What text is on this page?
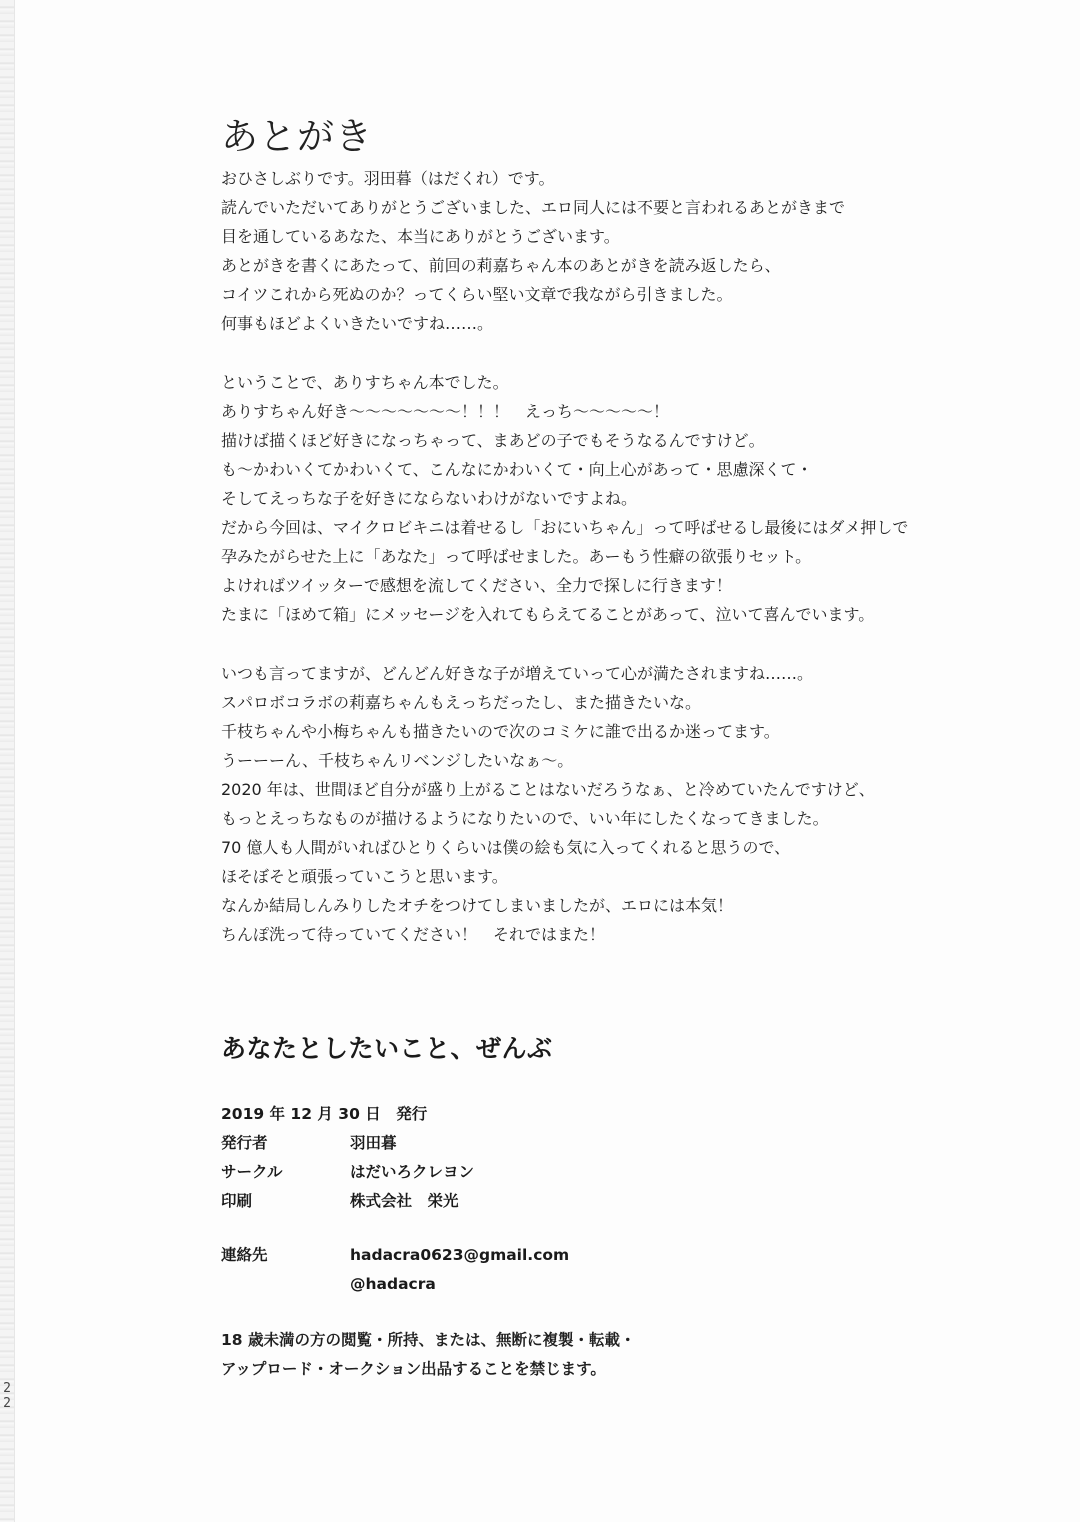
あとがき
おひさしぶりです。羽田暮（はだくれ）です。
読んでいただいてありがとうございました、エロ同人には不要と言われるあとがきまで
目を通しているあなた、本当にありがとうございます。
あとがきを書くにあたって、前回の莉嘉ちゃん本のあとがきを読み返したら、
コイツこれから死ぬのか？ってくらい堅い文章で我ながら引きました。
何事もほどよくいきたいですね……。
ということで、ありすちゃん本でした。
ありすちゃん好き〜〜〜〜〜〜〜！！！　えっち〜〜〜〜〜！
描けば描くほど好きになっちゃって、まあどの子でもそうなるんですけど。
も〜かわいくてかわいくて、こんなにかわいくて・向上心があって・思慮深くて・
そしてえっちな子を好きにならないわけがないですよね。
だから今回は、マイクロビキニは着せるし「おにいちゃん」って呼ばせるし最後にはダメ押しで
孕みたがらせた上に「あなた」って呼ばせました。あーもう性癖の欲張りセット。
よければツイッターで感想を流してください、全力で探しに行きます！
たまに「ほめて箱」にメッセージを入れてもらえてることがあって、泣いて喜んでいます。
いつも言ってますが、どんどん好きな子が増えていって心が満たされますね……。
スパロボコラボの莉嘉ちゃんもえっちだったし、また描きたいな。
千枝ちゃんや小梅ちゃんも描きたいので次のコミケに誰で出るか迷ってます。
うーーーん、千枝ちゃんリベンジしたいなぁ〜。
2020 年は、世間ほど自分が盛り上がることはないだろうなぁ、と冷めていたんですけど、
もっとえっちなものが描けるようになりたいので、いい年にしたくなってきました。
70 億人も人間がいればひとりくらいは僕の絵も気に入ってくれると思うので、
ほそぼそと頑張っていこうと思います。
なんか結局しんみりしたオチをつけてしまいましたが、エロには本気！
ちんぽ洗って待っていてください！　それではまた！
あなたとしたいこと、ぜんぶ
2019 年 12 月 30 日　発行
発行者	羽田暮
サークル	はだいろクレヨン
印刷	株式会社　栄光
連絡先	hadacra0623@gmail.com
@hadacra
18 歳未満の方の閲覧・所持、または、無断に複製・転載・
アップロード・オークション出品することを禁じます。
2
2
